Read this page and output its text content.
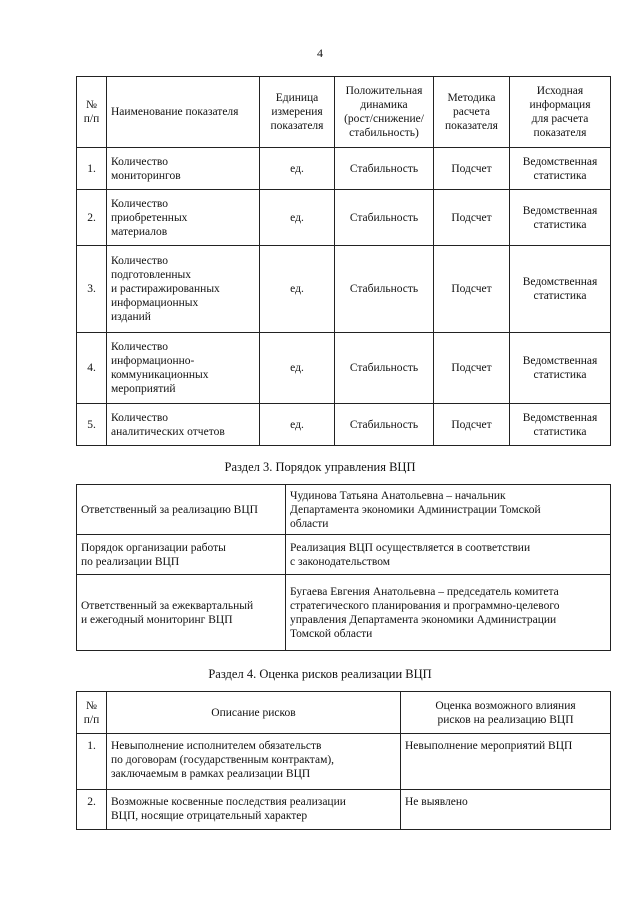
4
№
п/п	Наименование показателя	Единица
измерения
показателя	Положительная
динамика
(рост/снижение/
стабильность)	Методика
расчета
показателя	Исходная
информация
для расчета
показателя
1.	Количество
мониторингов	ед.	Стабильность	Подсчет	Ведомственная
статистика
2.	Количество
приобретенных
материалов	ед.	Стабильность	Подсчет	Ведомственная
статистика
3.	Количество
подготовленных
и растиражированных
информационных
изданий	ед.	Стабильность	Подсчет	Ведомственная
статистика
4.	Количество
информационно-
коммуникационных
мероприятий	ед.	Стабильность	Подсчет	Ведомственная
статистика
5.	Количество
аналитических отчетов	ед.	Стабильность	Подсчет	Ведомственная
статистика
Раздел 3. Порядок управления ВЦП
Ответственный за реализацию ВЦП	Чудинова Татьяна Анатольевна – начальник
Департамента экономики Администрации Томской
области
Порядок организации работы
по реализации ВЦП	Реализация ВЦП осуществляется в соответствии
с законодательством
Ответственный за ежеквартальный
и ежегодный мониторинг ВЦП	Бугаева Евгения Анатольевна – председатель комитета
стратегического планирования и программно-целевого
управления Департамента экономики Администрации
Томской области
Раздел 4. Оценка рисков реализации ВЦП
№
п/п	Описание рисков	Оценка возможного влияния
рисков на реализацию ВЦП
1.	Невыполнение исполнителем обязательств
по договорам (государственным контрактам),
заключаемым в рамках реализации ВЦП	Невыполнение мероприятий ВЦП
2.	Возможные косвенные последствия реализации
ВЦП, носящие отрицательный характер	Не выявлено
